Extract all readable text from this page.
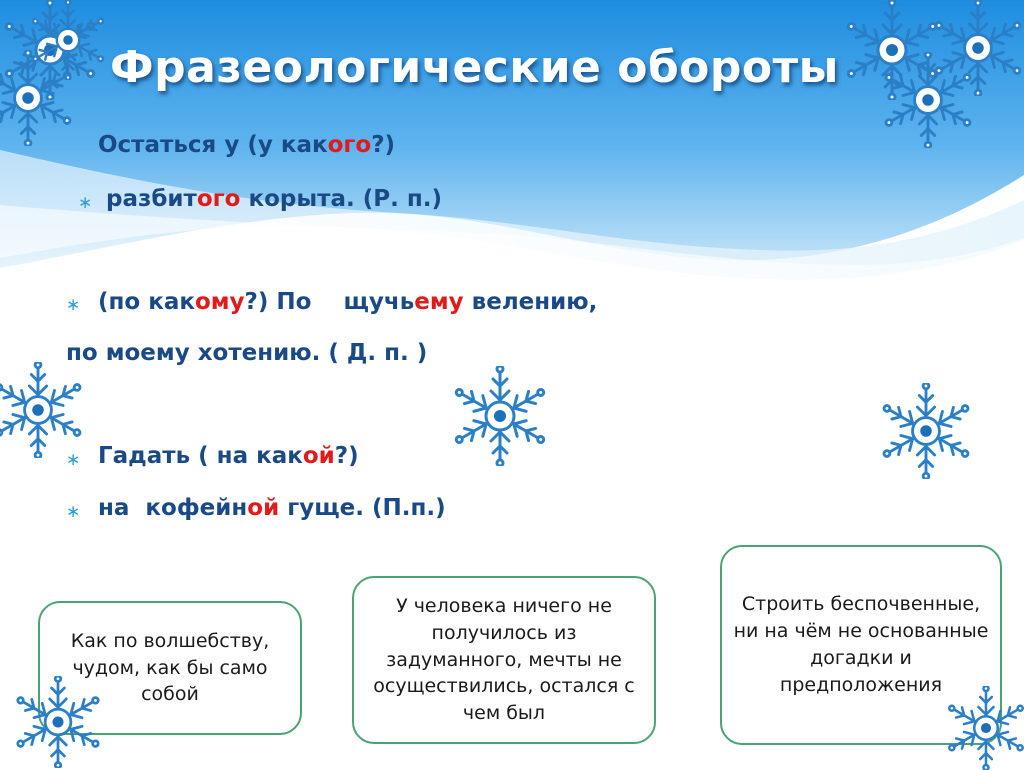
Фразеологические обороты
∗
∗
∗
∗
Остаться у (у какого?)
разбитого корыта. (Р. п.)
(по какому?) По    щучьему велению,
по моему хотению. ( Д. п. )
Гадать ( на какой?)
на  кофейной гуще. (П.п.)
Как по волшебству, чудом, как бы само собой
У человека ничего не получилось из задуманного, мечты не осуществились, остался с чем был
Строить беспочвенные, ни на чём не основанные догадки и предположения
